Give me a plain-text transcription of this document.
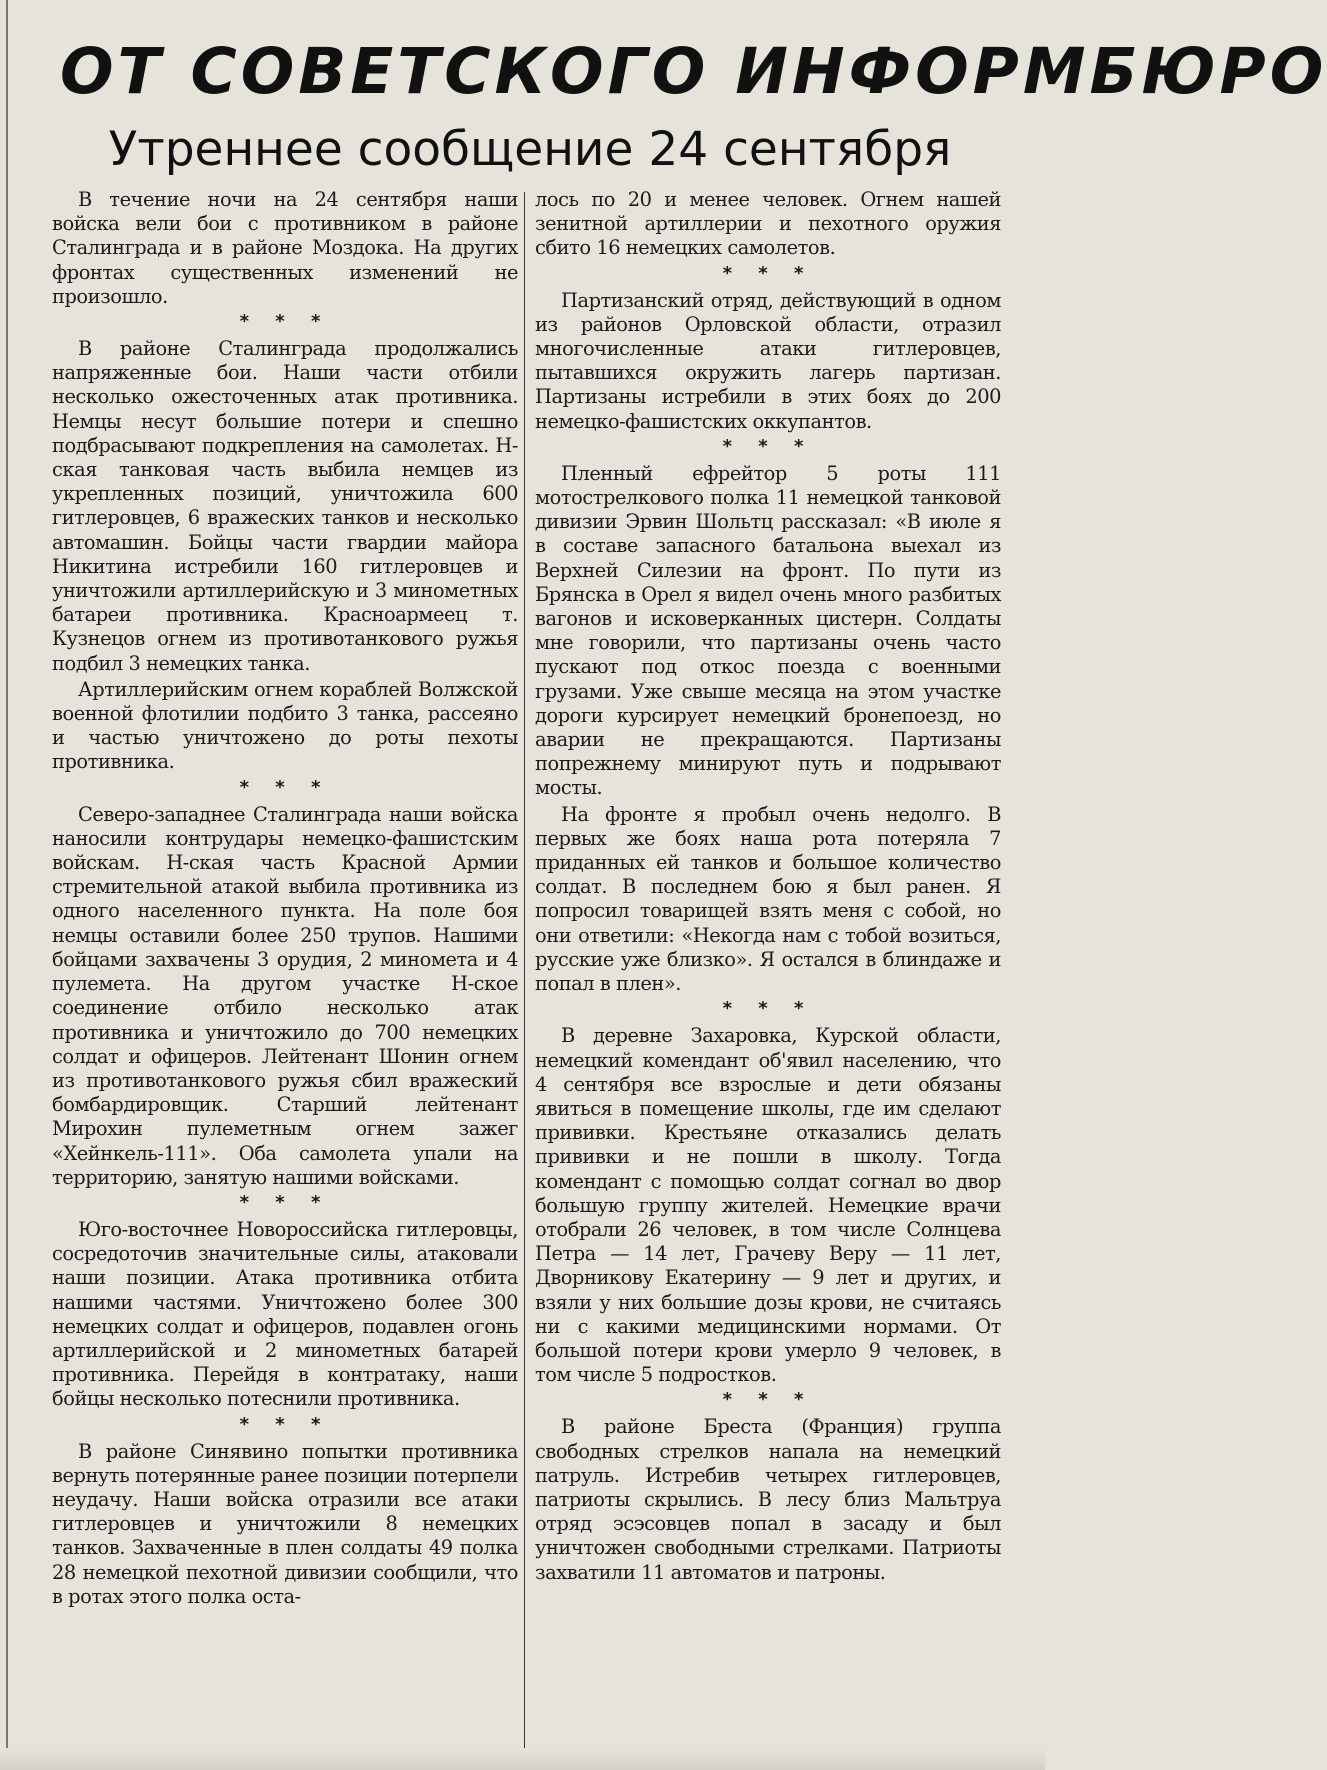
ОТ СОВЕТСКОГО ИНФОРМБЮРО
Утреннее сообщение 24 сентября

В течение ночи на 24 сентября наши войска вели бои с противником в районе Сталинграда и в районе Моздока. На других фронтах существенных изменений не произошло.

* * *

В районе Сталинграда продолжались напряженные бои. Наши части отбили несколько ожесточенных атак противника. Немцы несут большие потери и спешно подбрасывают подкрепления на самолетах. Н-ская танковая часть выбила немцев из укрепленных позиций, уничтожила 600 гитлеровцев, 6 вражеских танков и несколько автомашин. Бойцы части гвардии майора Никитина истребили 160 гитлеровцев и уничтожили артиллерийскую и 3 минометных батареи противника. Красноармеец т. Кузнецов огнем из противотанкового ружья подбил 3 немецких танка.

Артиллерийским огнем кораблей Волжской военной флотилии подбито 3 танка, рассеяно и частью уничтожено до роты пехоты противника.

* * *

Северо-западнее Сталинграда наши войска наносили контрудары немецко-фашистским войскам. Н-ская часть Красной Армии стремительной атакой выбила противника из одного населенного пункта. На поле боя немцы оставили более 250 трупов. Нашими бойцами захвачены 3 орудия, 2 миномета и 4 пулемета. На другом участке Н-ское соединение отбило несколько атак противника и уничтожило до 700 немецких солдат и офицеров. Лейтенант Шонин огнем из противотанкового ружья сбил вражеский бомбардировщик. Старший лейтенант Мирохин пулеметным огнем зажег «Хейнкель-111». Оба самолета упали на территорию, занятую нашими войсками.

* * *

Юго-восточнее Новороссийска гитлеровцы, сосредоточив значительные силы, атаковали наши позиции. Атака противника отбита нашими частями. Уничтожено более 300 немецких солдат и офицеров, подавлен огонь артиллерийской и 2 минометных батарей противника. Перейдя в контратаку, наши бойцы несколько потеснили противника.

* * *

В районе Синявино попытки противника вернуть потерянные ранее позиции потерпели неудачу. Наши войска отразили все атаки гитлеровцев и уничтожили 8 немецких танков. Захваченные в плен солдаты 49 полка 28 немецкой пехотной дивизии сообщили, что в ротах этого полка оста-

лось по 20 и менее человек. Огнем нашей зенитной артиллерии и пехотного оружия сбито 16 немецких самолетов.

* * *

Партизанский отряд, действующий в одном из районов Орловской области, отразил многочисленные атаки гитлеровцев, пытавшихся окружить лагерь партизан. Партизаны истребили в этих боях до 200 немецко-фашистских оккупантов.

* * *

Пленный ефрейтор 5 роты 111 мотострелкового полка 11 немецкой танковой дивизии Эрвин Шольтц рассказал: «В июле я в составе запасного батальона выехал из Верхней Силезии на фронт. По пути из Брянска в Орел я видел очень много разбитых вагонов и исковерканных цистерн. Солдаты мне говорили, что партизаны очень часто пускают под откос поезда с военными грузами. Уже свыше месяца на этом участке дороги курсирует немецкий бронепоезд, но аварии не прекращаются. Партизаны попрежнему минируют путь и подрывают мосты.

На фронте я пробыл очень недолго. В первых же боях наша рота потеряла 7 приданных ей танков и большое количество солдат. В последнем бою я был ранен. Я попросил товарищей взять меня с собой, но они ответили: «Некогда нам с тобой возиться, русские уже близко». Я остался в блиндаже и попал в плен».

* * *

В деревне Захаровка, Курской области, немецкий комендант об'явил населению, что 4 сентября все взрослые и дети обязаны явиться в помещение школы, где им сделают прививки. Крестьяне отказались делать прививки и не пошли в школу. Тогда комендант с помощью солдат согнал во двор большую группу жителей. Немецкие врачи отобрали 26 человек, в том числе Солнцева Петра — 14 лет, Грачеву Веру — 11 лет, Дворникову Екатерину — 9 лет и других, и взяли у них большие дозы крови, не считаясь ни с какими медицинскими нормами. От большой потери крови умерло 9 человек, в том числе 5 подростков.

* * *

В районе Бреста (Франция) группа свободных стрелков напала на немецкий патруль. Истребив четырех гитлеровцев, патриоты скрылись. В лесу близ Мальтруа отряд эсэсовцев попал в засаду и был уничтожен свободными стрелками. Патриоты захватили 11 автоматов и патроны.
